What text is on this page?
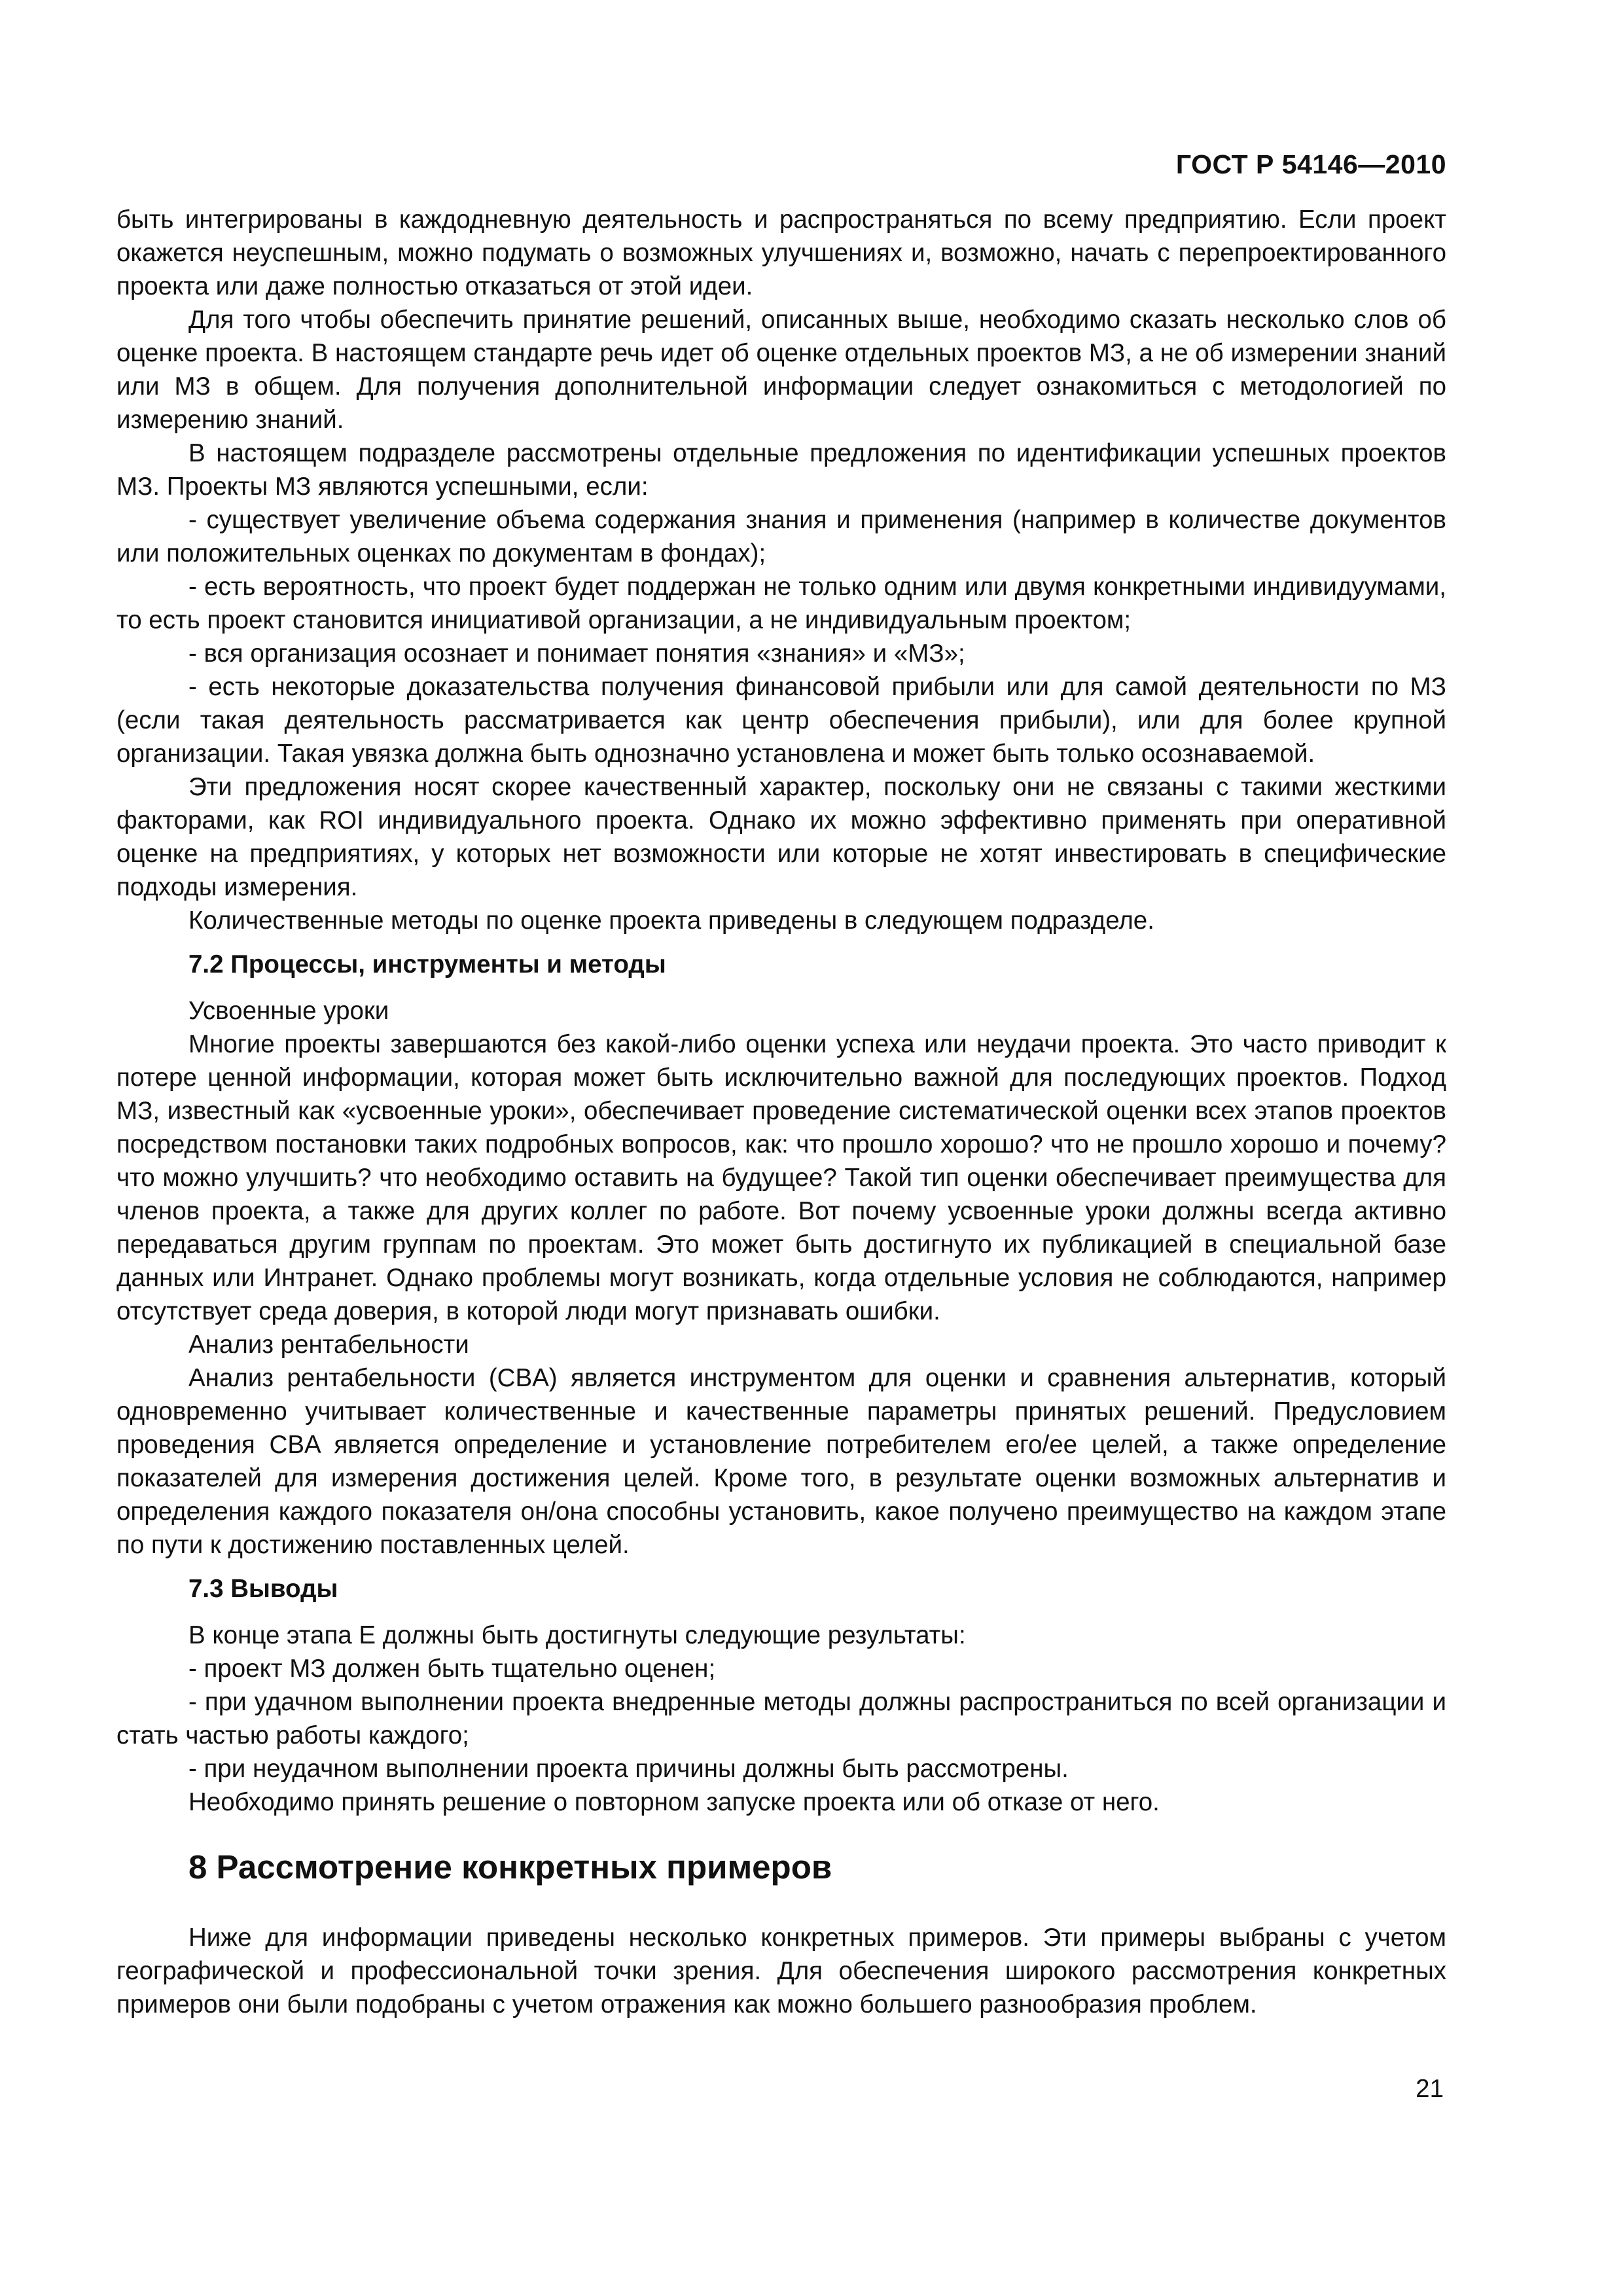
ГОСТ Р 54146—2010

быть интегрированы в каждодневную деятельность и распространяться по всему предприятию. Если проект окажется неуспешным, можно подумать о возможных улучшениях и, возможно, начать с перепроектированного проекта или даже полностью отказаться от этой идеи.

Для того чтобы обеспечить принятие решений, описанных выше, необходимо сказать несколько слов об оценке проекта. В настоящем стандарте речь идет об оценке отдельных проектов МЗ, а не об измерении знаний или МЗ в общем. Для получения дополнительной информации следует ознакомиться с методологией по измерению знаний.

В настоящем подразделе рассмотрены отдельные предложения по идентификации успешных проектов МЗ. Проекты МЗ являются успешными, если:

- существует увеличение объема содержания знания и применения (например в количестве документов или положительных оценках по документам в фондах);

- есть вероятность, что проект будет поддержан не только одним или двумя конкретными индивидуумами, то есть проект становится инициативой организации, а не индивидуальным проектом;

- вся организация осознает и понимает понятия «знания» и «МЗ»;

- есть некоторые доказательства получения финансовой прибыли или для самой деятельности по МЗ (если такая деятельность рассматривается как центр обеспечения прибыли), или для более крупной организации. Такая увязка должна быть однозначно установлена и может быть только осознаваемой.

Эти предложения носят скорее качественный характер, поскольку они не связаны с такими жесткими факторами, как ROI индивидуального проекта. Однако их можно эффективно применять при оперативной оценке на предприятиях, у которых нет возможности или которые не хотят инвестировать в специфические подходы измерения.

Количественные методы по оценке проекта приведены в следующем подразделе.

7.2 Процессы, инструменты и методы

Усвоенные уроки

Многие проекты завершаются без какой-либо оценки успеха или неудачи проекта. Это часто приводит к потере ценной информации, которая может быть исключительно важной для последующих проектов. Подход МЗ, известный как «усвоенные уроки», обеспечивает проведение систематической оценки всех этапов проектов посредством постановки таких подробных вопросов, как: что прошло хорошо? что не прошло хорошо и почему? что можно улучшить? что необходимо оставить на будущее? Такой тип оценки обеспечивает преимущества для членов проекта, а также для других коллег по работе. Вот почему усвоенные уроки должны всегда активно передаваться другим группам по проектам. Это может быть достигнуто их публикацией в специальной базе данных или Интранет. Однако проблемы могут возникать, когда отдельные условия не соблюдаются, например отсутствует среда доверия, в которой люди могут признавать ошибки.

Анализ рентабельности

Анализ рентабельности (CBA) является инструментом для оценки и сравнения альтернатив, который одновременно учитывает количественные и качественные параметры принятых решений. Предусловием проведения CBA является определение и установление потребителем его/ее целей, а также определение показателей для измерения достижения целей. Кроме того, в результате оценки возможных альтернатив и определения каждого показателя он/она способны установить, какое получено преимущество на каждом этапе по пути к достижению поставленных целей.

7.3 Выводы

В конце этапа E должны быть достигнуты следующие результаты:

- проект МЗ должен быть тщательно оценен;

- при удачном выполнении проекта внедренные методы должны распространиться по всей организации и стать частью работы каждого;

- при неудачном выполнении проекта причины должны быть рассмотрены.

Необходимо принять решение о повторном запуске проекта или об отказе от него.

8 Рассмотрение конкретных примеров

Ниже для информации приведены несколько конкретных примеров. Эти примеры выбраны с учетом географической и профессиональной точки зрения. Для обеспечения широкого рассмотрения конкретных примеров они были подобраны с учетом отражения как можно большего разнообразия проблем.

21
